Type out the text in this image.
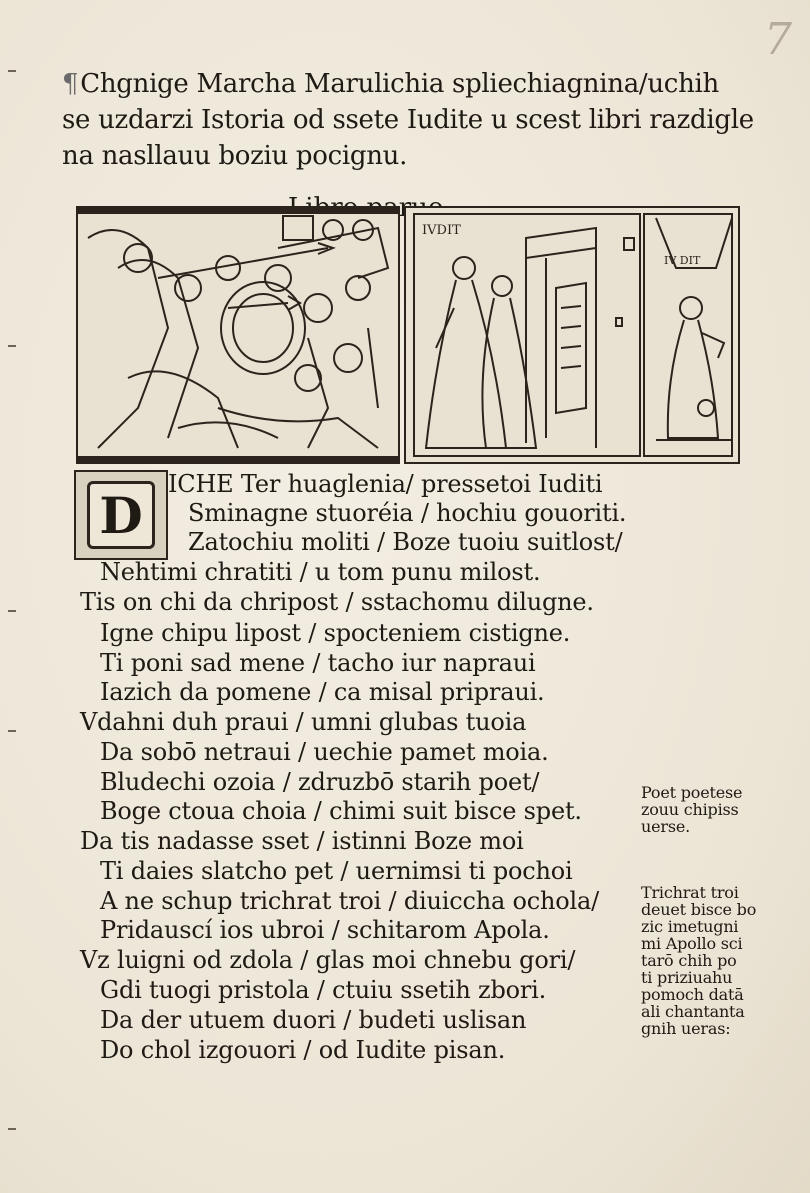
7
¶Chgnige Marcha Marulichia spliechiagnina/uchih
se uzdarzi Istoria od ssete Iudite u scest libri razdigle
na nasllauu boziu pocignu.
IVDIT
IV DIT
D
ICHE Ter huaglenia/ pressetoi Iuditi
Sminagne stuoréia / hochiu gouoriti.
Zatochiu moliti / Boze tuoiu suitlost/
Nehtimi chratiti / u tom punu milost.
Tis on chi da chripost / sstachomu dilugne.
Igne chipu lipost / spocteniem cistigne.
Ti poni sad mene / tacho iur napraui
Iazich da pomene / ca misal pripraui.
Vdahni duh praui / umni glubas tuoia
Da sobō netraui / uechie pamet moia.
Bludechi ozoia / zdruzbō starih poet/
Boge ctoua choia / chimi suit bisce spet.
Da tis nadasse sset / istinni Boze moi
Ti daies slatcho pet / uernimsi ti pochoi
A ne schup trichrat troi / diuiccha ochola/
Pridauscí ios ubroi / schitarom Apola.
Vz luigni od zdola / glas moi chnebu gori/
Gdi tuogi pristola / ctuiu ssetih zbori.
Da der utuem duori / budeti uslisan
Do chol izgouori / od Iudite pisan.
Poet poetese
zouu chipiss
uerse.
Trichrat troi
deuet bisce bo
zic imetugni
mi Apollo sci
tarō chih po
ti priziuahu
pomoch datā
ali chantanta
gnih ueras:
